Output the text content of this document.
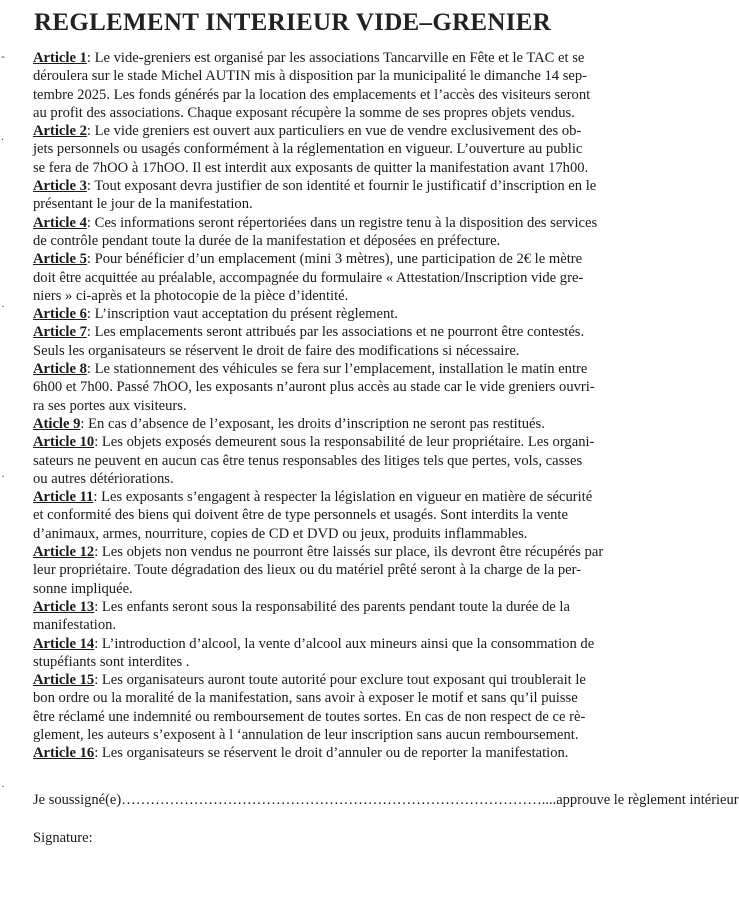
-
.
·
·
·
REGLEMENT INTERIEUR VIDE–GRENIER
Article 1: Le vide-greniers est organisé par les associations Tancarville en Fête et le TAC et se
déroulera sur le stade Michel AUTIN mis à disposition par la municipalité le dimanche 14 sep-
tembre 2025. Les fonds générés par la location des emplacements et l’accès des visiteurs seront
au profit des associations. Chaque exposant récupère la somme de ses propres objets vendus.
Article 2: Le vide greniers est ouvert aux particuliers en vue de vendre exclusivement des ob-
jets personnels ou usagés conformément à la réglementation en vigueur. L’ouverture au public
se fera de 7hOO à 17hOO. Il est interdit aux exposants de quitter la manifestation avant 17h00.
Article 3: Tout exposant devra justifier de son identité et fournir le justificatif d’inscription en le
présentant le jour de la manifestation.
Article 4: Ces informations seront répertoriées dans un registre tenu à la disposition des services
de contrôle pendant toute la durée de la manifestation et déposées en préfecture.
Article 5: Pour bénéficier d’un emplacement (mini 3 mètres), une participation de 2€ le mètre
doit être acquittée au préalable, accompagnée du formulaire « Attestation/Inscription vide gre-
niers » ci-après et la photocopie de la pièce d’identité.
Article 6: L’inscription vaut acceptation du présent règlement.
Article 7: Les emplacements seront attribués par les associations et ne pourront être contestés.
Seuls les organisateurs se réservent le droit de faire des modifications si nécessaire.
Article 8: Le stationnement des véhicules se fera sur l’emplacement, installation le matin entre
6h00 et 7h00. Passé 7hOO, les exposants n’auront plus accès au stade car le vide greniers ouvri-
ra ses portes aux visiteurs.
Aticle 9: En cas d’absence de l’exposant, les droits d’inscription ne seront pas restitués.
Article 10: Les objets exposés demeurent sous la responsabilité de leur propriétaire. Les organi-
sateurs ne peuvent en aucun cas être tenus responsables des litiges tels que pertes, vols, casses
ou autres détériorations.
Article 11: Les exposants s’engagent à respecter la législation en vigueur en matière de sécurité
et conformité des biens qui doivent être de type personnels et usagés. Sont interdits la vente
d’animaux, armes, nourriture, copies de CD et DVD ou jeux, produits inflammables.
Article 12: Les objets non vendus ne pourront être laissés sur place, ils devront être récupérés par
leur propriétaire. Toute dégradation des lieux ou du matériel prêté seront à la charge de la per-
sonne impliquée.
Article 13: Les enfants seront sous la responsabilité des parents pendant toute la durée de la
manifestation.
Article 14: L’introduction d’alcool, la vente d’alcool aux mineurs ainsi que la consommation de
stupéfiants sont interdites .
Article 15: Les organisateurs auront toute autorité pour exclure tout exposant qui troublerait le
bon ordre ou la moralité de la manifestation, sans avoir à exposer le motif et sans qu’il puisse
être réclamé une indemnité ou remboursement de toutes sortes. En cas de non respect de ce rè-
glement, les auteurs s’exposent à l ‘annulation de leur inscription sans aucun remboursement.
Article 16: Les organisateurs se réservent le droit d’annuler ou de reporter la manifestation.
Je soussigné(e)……………………………………………………………………………....approuve le règlement intérieur
Signature:
